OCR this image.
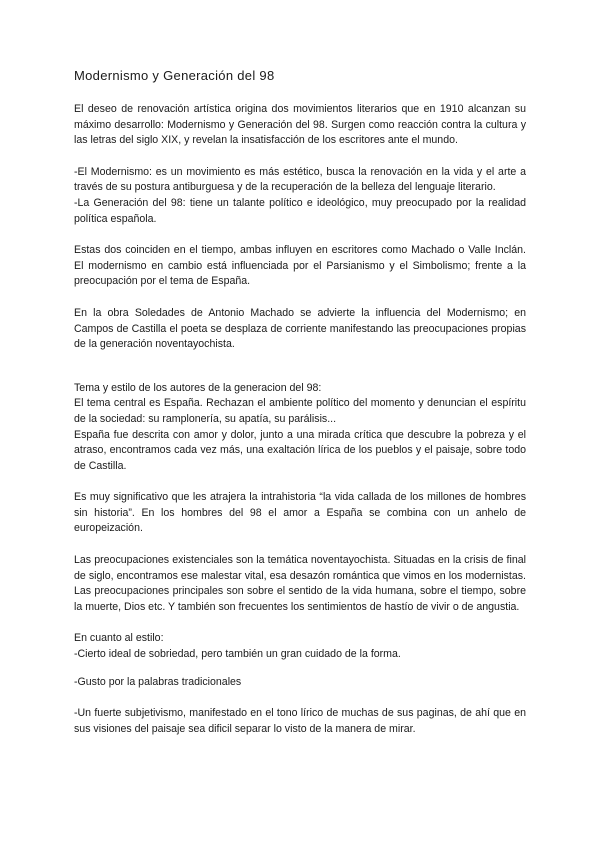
Modernismo y Generación del 98

El deseo de renovación artística origina dos movimientos literarios que en 1910 alcanzan su máximo desarrollo: Modernismo y Generación del 98. Surgen como reacción contra la cultura y las letras del siglo XIX, y revelan la insatisfacción de los escritores ante el mundo.

-El Modernismo: es un movimiento es más estético, busca la renovación en la vida y el arte a través de su postura antiburguesa y de la recuperación de la belleza del lenguaje literario.

-La Generación del 98: tiene un talante político e ideológico, muy preocupado por la realidad política española.

Estas dos coinciden en el tiempo, ambas influyen en escritores como Machado o Valle Inclán. El modernismo en cambio está influenciada por el Parsianismo y el Simbolismo; frente a la preocupación por el tema de España.

En la obra Soledades de Antonio Machado se advierte la influencia del Modernismo; en Campos de Castilla el poeta se desplaza de corriente manifestando las preocupaciones propias de la generación noventayochista.

Tema y estilo de los autores de la generacion del 98:

El tema central es España. Rechazan el ambiente político del momento y denuncian el espíritu de la sociedad: su ramplonería, su apatía, su parálisis...

España fue descrita con amor y dolor, junto a una mirada crítica que descubre la pobreza y el atraso, encontramos cada vez más, una exaltación lírica de los pueblos y el paisaje, sobre todo de Castilla.

Es muy significativo que les atrajera la intrahistoria “la vida callada de los millones de hombres sin historia”. En los hombres del 98 el amor a España se combina con un anhelo de europeización.

Las preocupaciones existenciales son la temática noventayochista. Situadas en la crisis de final de siglo, encontramos ese malestar vital, esa desazón romántica que vimos en los modernistas. Las preocupaciones principales son sobre el sentido de la vida humana, sobre el tiempo, sobre la muerte, Dios etc. Y también son frecuentes los sentimientos de hastío de vivir o de angustia.

En cuanto al estilo:

-Cierto ideal de sobriedad, pero también un gran cuidado de la forma.

-Gusto por la palabras tradicionales

-Un fuerte subjetivismo, manifestado en el tono lírico de muchas de sus paginas, de ahí que en sus visiones del paisaje sea dificil separar lo visto de la manera de mirar.
